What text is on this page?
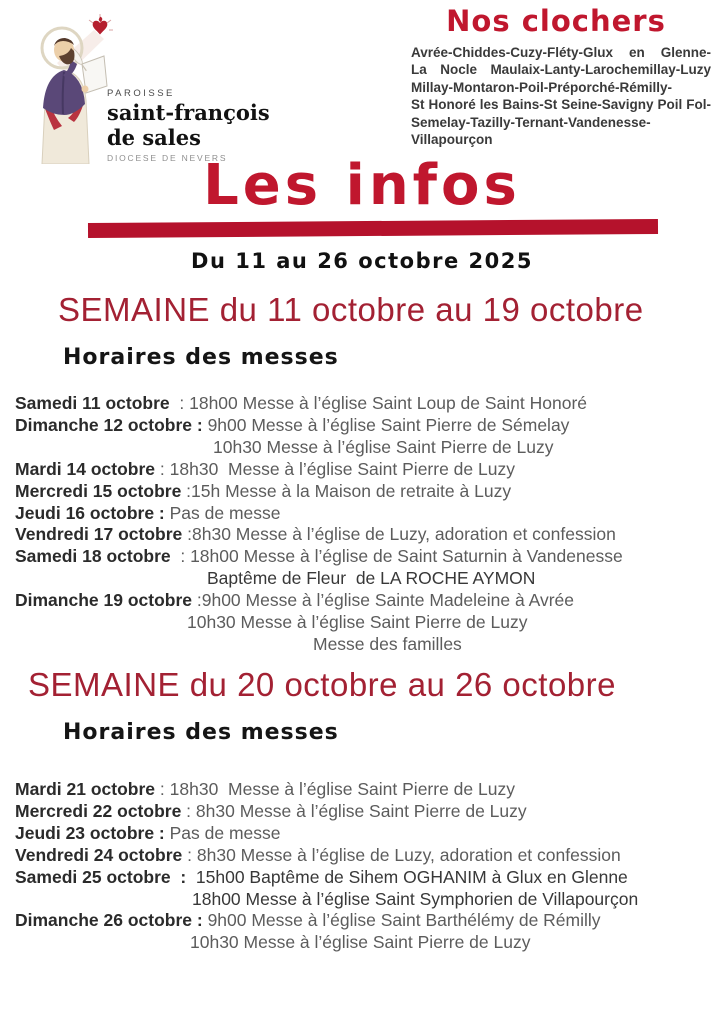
PAROISSE
saint-françois
de sales
DIOCESE DE NEVERS
Nos clochers
Avrée-Chiddes-Cuzy-Fléty-Glux en Glenne-
La Nocle Maulaix-Lanty-Larochemillay-Luzy
Millay-Montaron-Poil-Préporché-Rémilly-
St Honoré les Bains-St Seine-Savigny Poil Fol-
Semelay-Tazilly-Ternant-Vandenesse-
Villapourçon
Les infos
Du 11 au 26 octobre 2025
SEMAINE du 11 octobre au 19 octobre
Horaires des messes
Samedi 11 octobre  : 18h00 Messe à l’église Saint Loup de Saint Honoré
Dimanche 12 octobre : 9h00 Messe à l’église Saint Pierre de Sémelay
10h30 Messe à l’église Saint Pierre de Luzy
Mardi 14 octobre : 18h30  Messe à l’église Saint Pierre de Luzy
Mercredi 15 octobre :15h Messe à la Maison de retraite à Luzy
Jeudi 16 octobre : Pas de messe
Vendredi 17 octobre :8h30 Messe à l’église de Luzy, adoration et confession
Samedi 18 octobre  : 18h00 Messe à l’église de Saint Saturnin à Vandenesse
Baptême de Fleur  de LA ROCHE AYMON
Dimanche 19 octobre :9h00 Messe à l’église Sainte Madeleine à Avrée
10h30 Messe à l’église Saint Pierre de Luzy
Messe des familles
SEMAINE du 20 octobre au 26 octobre
Horaires des messes
Mardi 21 octobre : 18h30  Messe à l’église Saint Pierre de Luzy
Mercredi 22 octobre : 8h30 Messe à l’église Saint Pierre de Luzy
Jeudi 23 octobre : Pas de messe
Vendredi 24 octobre : 8h30 Messe à l’église de Luzy, adoration et confession
Samedi 25 octobre  :  15h00 Baptême de Sihem OGHANIM à Glux en Glenne
18h00 Messe à l’église Saint Symphorien de Villapourçon
Dimanche 26 octobre : 9h00 Messe à l’église Saint Barthélémy de Rémilly
10h30 Messe à l’église Saint Pierre de Luzy
